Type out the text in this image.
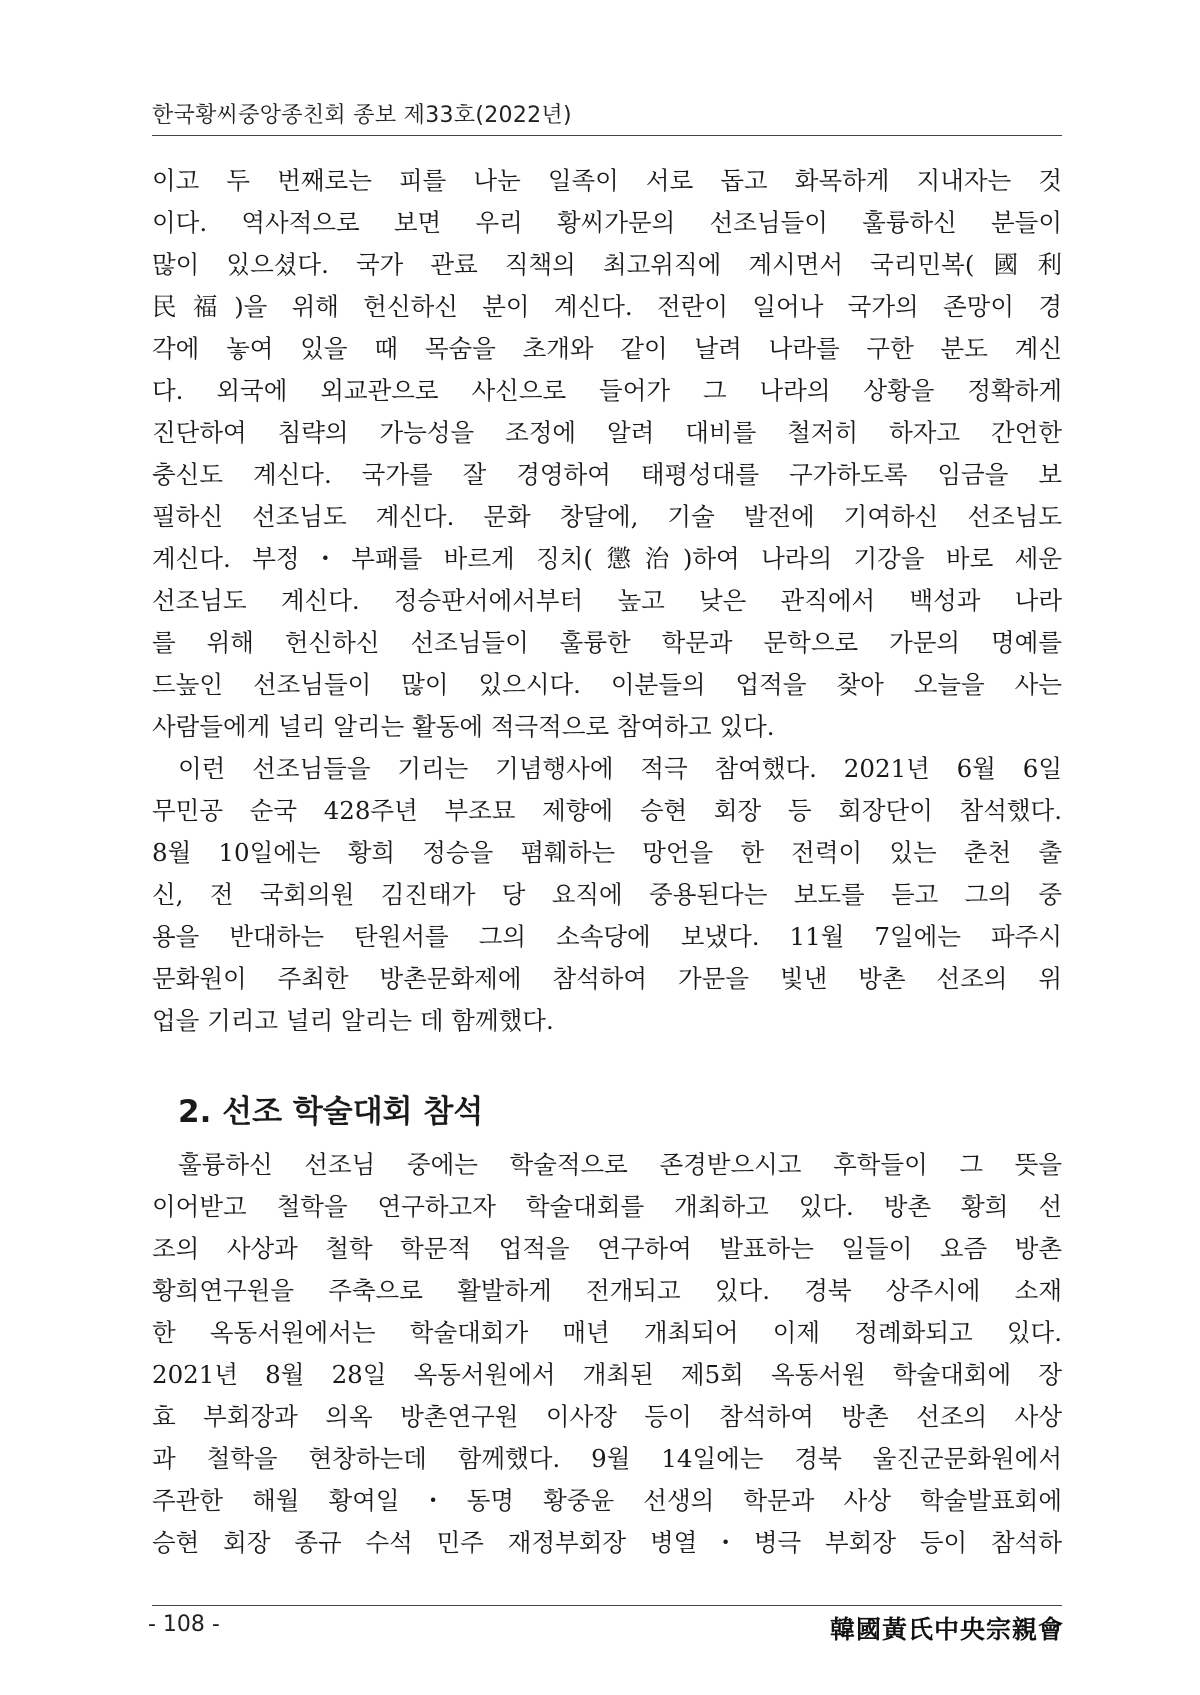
한국황씨중앙종친회 종보 제33호(2022년)
이고 두 번째로는 피를 나눈 일족이 서로 돕고 화목하게 지내자는 것
이다. 역사적으로 보면 우리 황씨가문의 선조님들이 훌륭하신 분들이
많이 있으셨다. 국가 관료 직책의 최고위직에 계시면서 국리민복(國利
民福)을 위해 헌신하신 분이 계신다. 전란이 일어나 국가의 존망이 경
각에 놓여 있을 때 목숨을 초개와 같이 날려 나라를 구한 분도 계신
다. 외국에 외교관으로 사신으로 들어가 그 나라의 상황을 정확하게
진단하여 침략의 가능성을 조정에 알려 대비를 철저히 하자고 간언한
충신도 계신다. 국가를 잘 경영하여 태평성대를 구가하도록 임금을 보
필하신 선조님도 계신다. 문화 창달에, 기술 발전에 기여하신 선조님도
계신다. 부정・부패를 바르게 징치(懲治)하여 나라의 기강을 바로 세운
선조님도 계신다. 정승판서에서부터 높고 낮은 관직에서 백성과 나라
를 위해 헌신하신 선조님들이 훌륭한 학문과 문학으로 가문의 명예를
드높인 선조님들이 많이 있으시다. 이분들의 업적을 찾아 오늘을 사는
사람들에게 널리 알리는 활동에 적극적으로 참여하고 있다.
이런 선조님들을 기리는 기념행사에 적극 참여했다. 2021년 6월 6일
무민공 순국 428주년 부조묘 제향에 승현 회장 등 회장단이 참석했다.
8월 10일에는 황희 정승을 폄훼하는 망언을 한 전력이 있는 춘천 출
신, 전 국회의원 김진태가 당 요직에 중용된다는 보도를 듣고 그의 중
용을 반대하는 탄원서를 그의 소속당에 보냈다. 11월 7일에는 파주시
문화원이 주최한 방촌문화제에 참석하여 가문을 빛낸 방촌 선조의 위
업을 기리고 널리 알리는 데 함께했다.
2. 선조 학술대회 참석
훌륭하신 선조님 중에는 학술적으로 존경받으시고 후학들이 그 뜻을
이어받고 철학을 연구하고자 학술대회를 개최하고 있다. 방촌 황희 선
조의 사상과 철학 학문적 업적을 연구하여 발표하는 일들이 요즘 방촌
황희연구원을 주축으로 활발하게 전개되고 있다. 경북 상주시에 소재
한 옥동서원에서는 학술대회가 매년 개최되어 이제 정례화되고 있다.
2021년 8월 28일 옥동서원에서 개최된 제5회 옥동서원 학술대회에 장
효 부회장과 의옥 방촌연구원 이사장 등이 참석하여 방촌 선조의 사상
과 철학을 현창하는데 함께했다. 9월 14일에는 경북 울진군문화원에서
주관한 해월 황여일・동명 황중윤 선생의 학문과 사상 학술발표회에
승현 회장 종규 수석 민주 재정부회장 병열・병극 부회장 등이 참석하
- 108 -	韓國黃氏中央宗親會
